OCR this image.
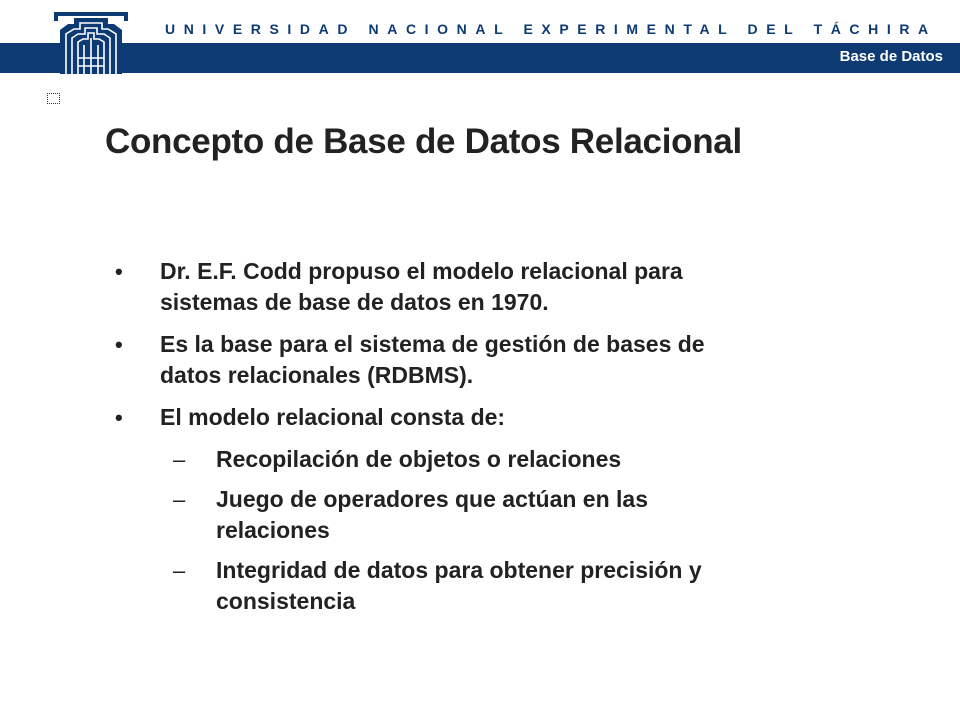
UNIVERSIDAD NACIONAL EXPERIMENTAL DEL TÁCHIRA
Base de Datos
Concepto de Base de Datos Relacional
•	Dr. E.F. Codd propuso el modelo relacional para
sistemas de base de datos en 1970.
•	Es la base para el sistema de gestión de bases de
datos relacionales (RDBMS).
•	El modelo relacional consta de:
–	Recopilación de objetos o relaciones
–	Juego de operadores que actúan en las
relaciones
–	Integridad de datos para obtener precisión y
consistencia
